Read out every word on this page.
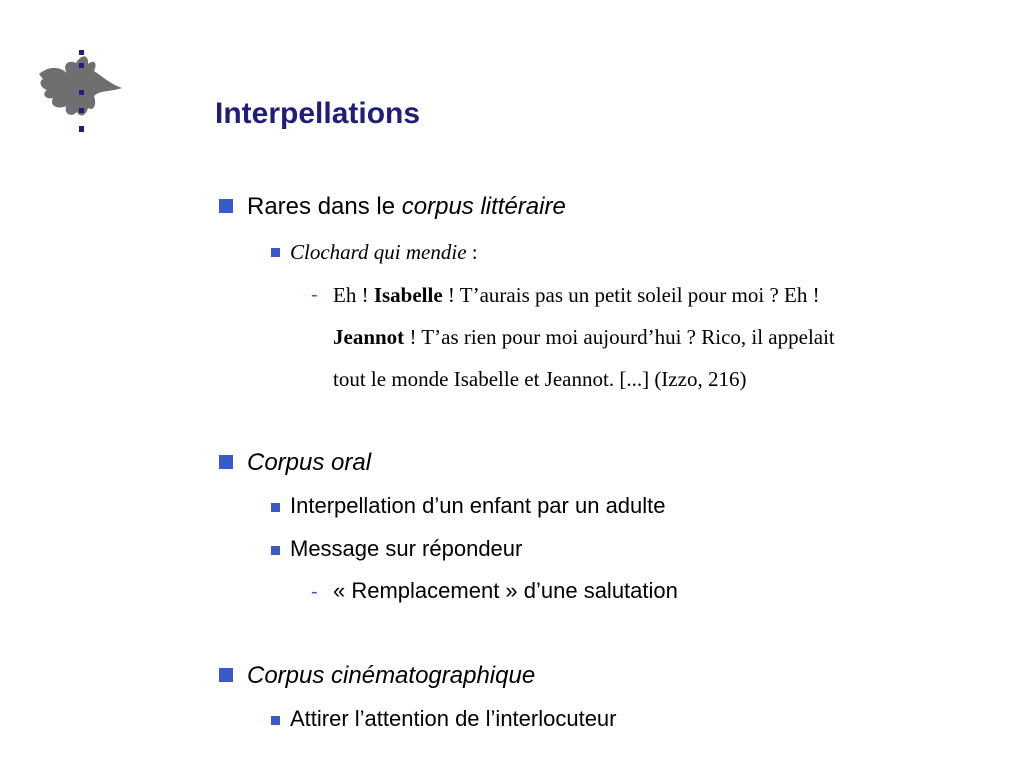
Interpellations
Rares dans le corpus littéraire
Clochard qui mendie :
- Eh ! Isabelle ! T’aurais pas un petit soleil pour moi ? Eh !
Jeannot ! T’as rien pour moi aujourd’hui ? Rico, il appelait
tout le monde Isabelle et Jeannot. [...] (Izzo, 216)
Corpus oral
Interpellation d’un enfant par un adulte
Message sur répondeur
- « Remplacement » d’une salutation
Corpus cinématographique
Attirer l’attention de l’interlocuteur
